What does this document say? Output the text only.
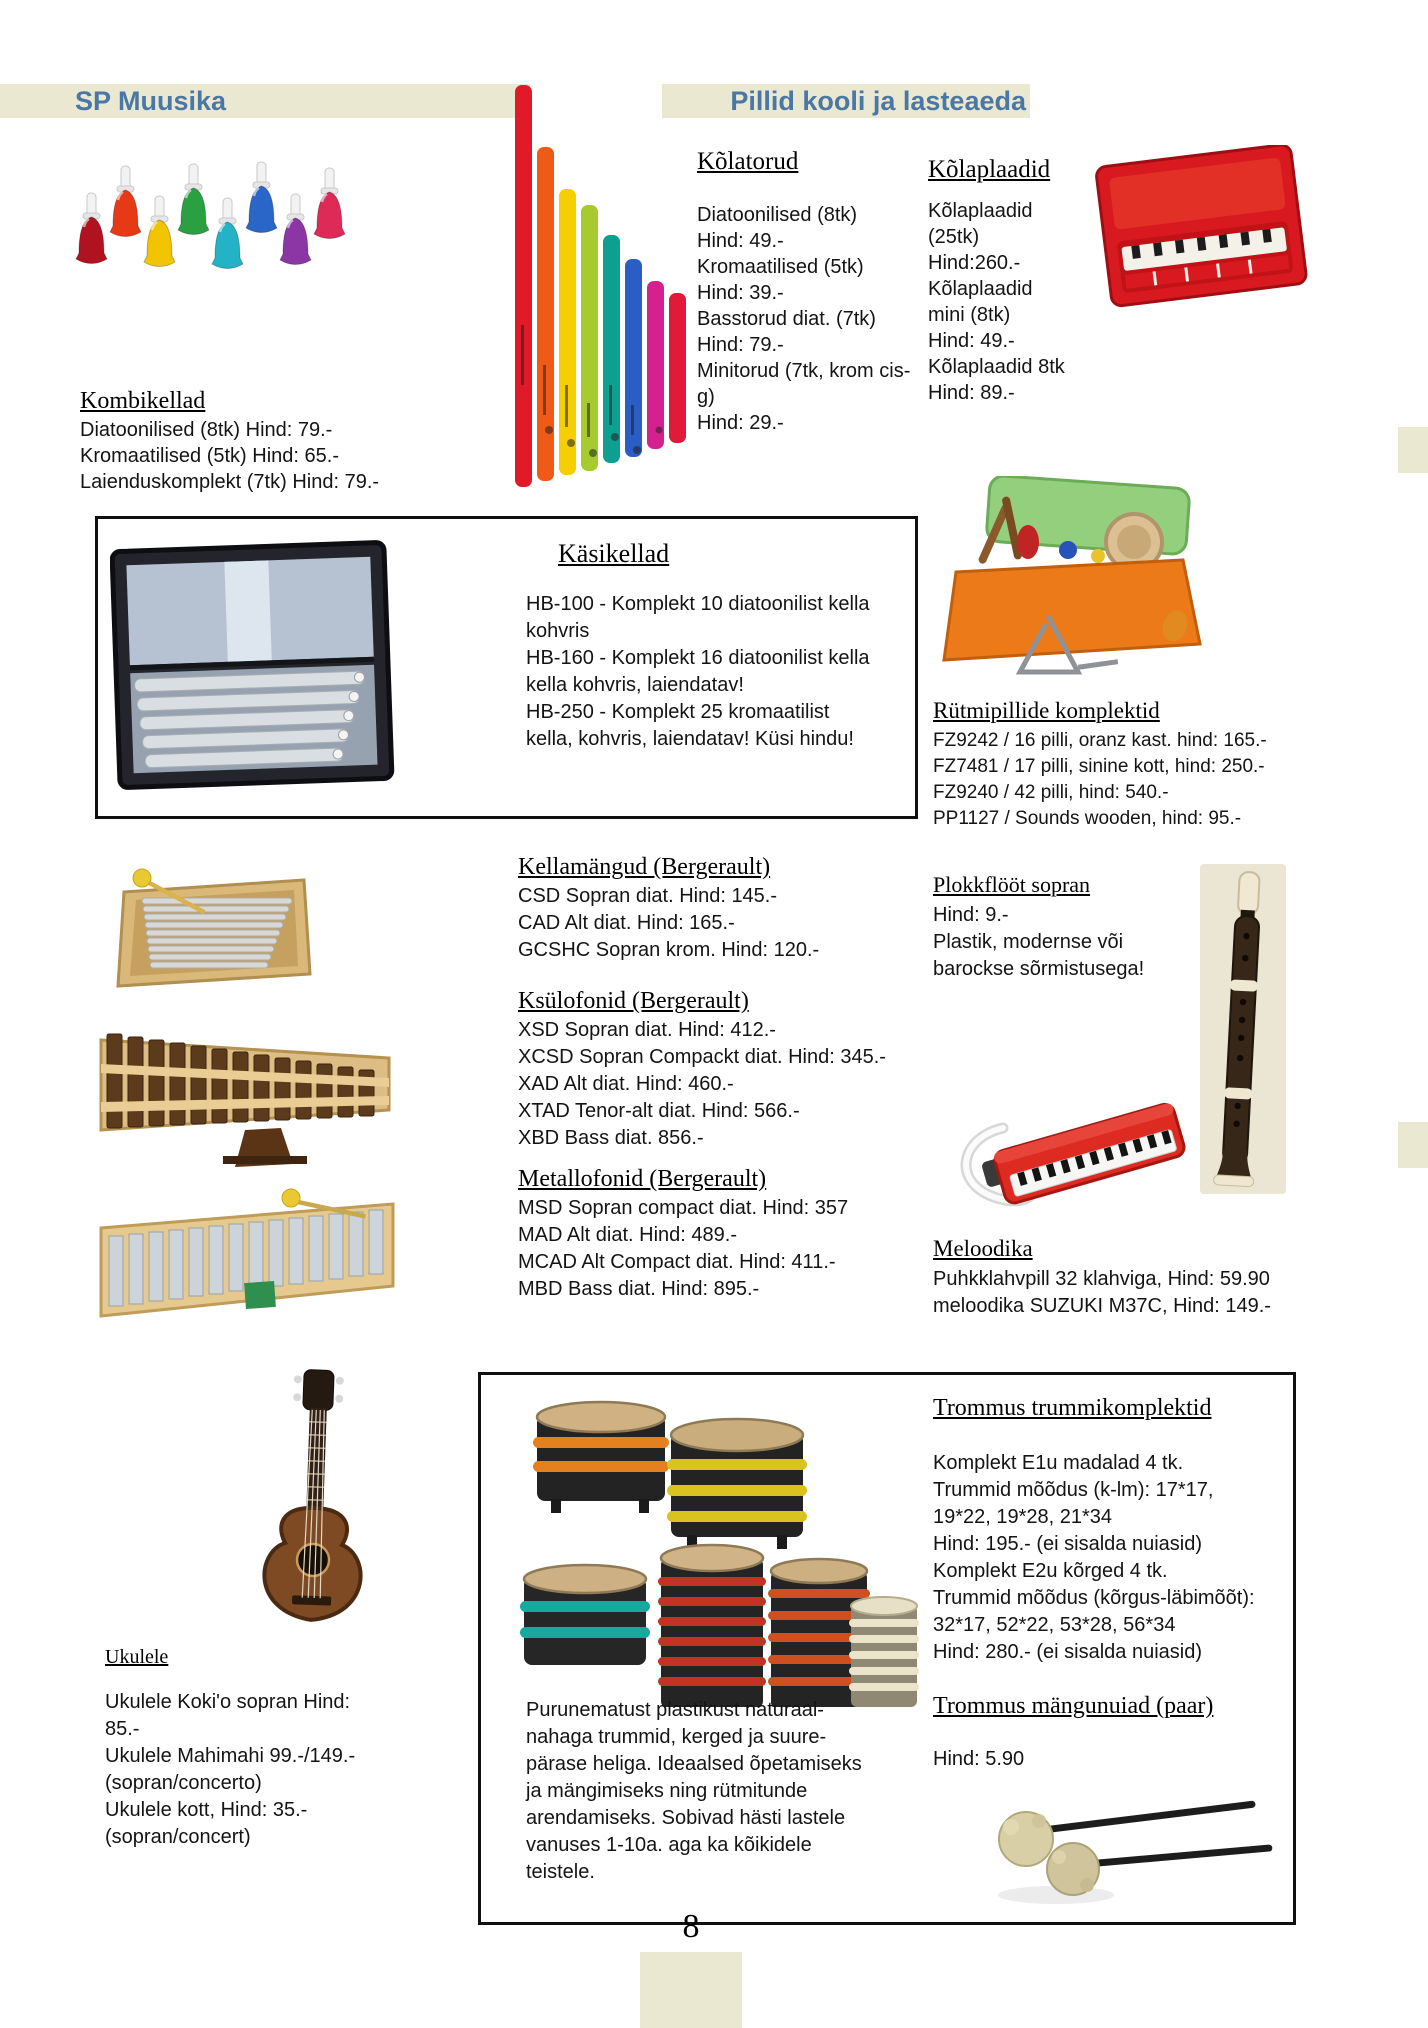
SP Muusika	Pillid kooli ja lasteaeda
Kombikellad
Diatoonilised (8tk) Hind: 79.-
Kromaatilised (5tk) Hind: 65.-
Laienduskomplekt (7tk) Hind: 79.-
Kõlatorud
Diatoonilised (8tk)
Hind: 49.-
Kromaatilised (5tk)
Hind: 39.-
Basstorud diat. (7tk)
Hind: 79.-
Minitorud (7tk, krom cis-
g)
Hind: 29.-
Kõlaplaadid
Kõlaplaadid
(25tk)
Hind:260.-
Kõlaplaadid
mini (8tk)
Hind: 49.-
Kõlaplaadid 8tk
Hind: 89.-
Käsikellad
HB-100 - Komplekt 10 diatoonilist kella
kohvris
HB-160 - Komplekt 16 diatoonilist kella
kella kohvris, laiendatav!
HB-250 - Komplekt 25 kromaatilist
kella, kohvris, laiendatav! Küsi hindu!
Rütmipillide komplektid
FZ9242 / 16 pilli, oranz kast. hind: 165.-
FZ7481 / 17 pilli, sinine kott, hind: 250.-
FZ9240 / 42 pilli, hind: 540.-
PP1127 / Sounds wooden, hind: 95.-
Kellamängud (Bergerault)
CSD Sopran diat. Hind: 145.-
CAD Alt diat. Hind: 165.-
GCSHC Sopran krom. Hind: 120.-
Ksülofonid (Bergerault)
XSD Sopran diat. Hind: 412.-
XCSD Sopran Compackt diat. Hind: 345.-
XAD Alt diat. Hind: 460.-
XTAD Tenor-alt diat. Hind: 566.-
XBD Bass diat. 856.-
Metallofonid (Bergerault)
MSD Sopran compact diat. Hind: 357
MAD Alt diat. Hind: 489.-
MCAD Alt Compact diat. Hind: 411.-
MBD Bass diat. Hind: 895.-
Plokkflööt sopran
Hind: 9.-
Plastik, modernse või
barockse sõrmistusega!
Meloodika
Puhkklahvpill 32 klahviga, Hind: 59.90
meloodika SUZUKI M37C, Hind: 149.-
Ukulele
Ukulele Koki'o sopran Hind:
85.-
Ukulele Mahimahi 99.-/149.-
(sopran/concerto)
Ukulele kott, Hind: 35.-
(sopran/concert)
Trommus trummikomplektid
Komplekt E1u madalad 4 tk.
Trummid mõõdus (k-lm): 17*17,
19*22, 19*28, 21*34
Hind: 195.- (ei sisalda nuiasid)
Komplekt E2u kõrged 4 tk.
Trummid mõõdus (kõrgus-läbimõõt):
32*17, 52*22, 53*28, 56*34
Hind: 280.- (ei sisalda nuiasid)
Purunematust plastikust naturaal-
nahaga trummid, kerged ja suure-
pärase heliga. Ideaalsed õpetamiseks
ja mängimiseks ning rütmitunde
arendamiseks. Sobivad hästi lastele
vanuses 1-10a. aga ka kõikidele
teistele.
Trommus mängunuiad (paar)
Hind: 5.90
8
